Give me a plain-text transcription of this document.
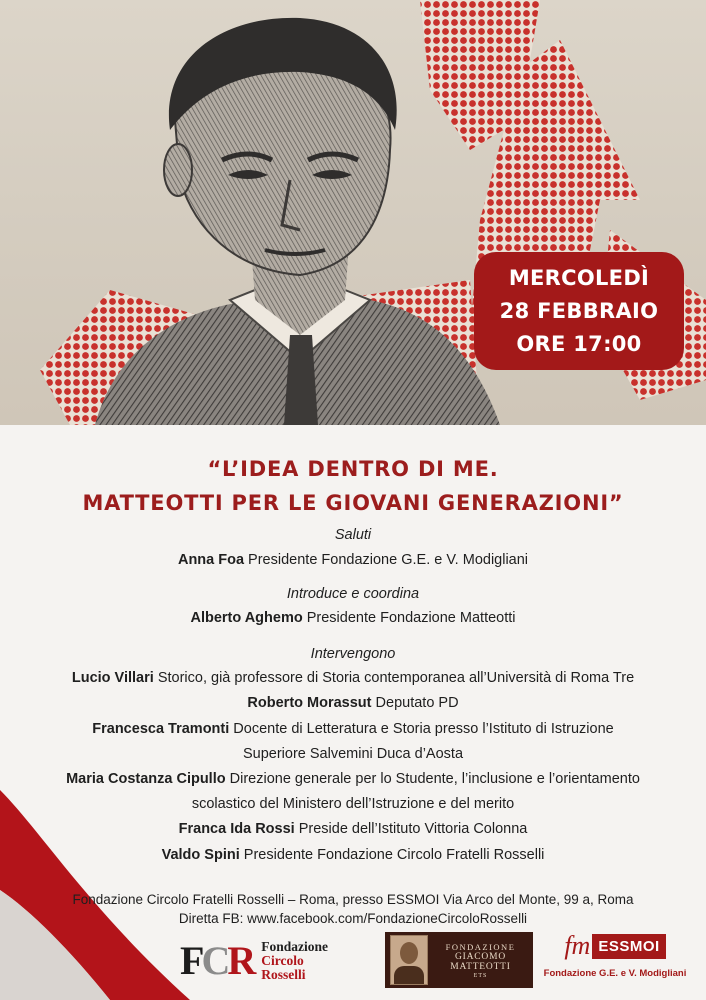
MERCOLEDÌ
28 FEBBRAIO
ORE 17:00
“L’IDEA DENTRO DI ME.
MATTEOTTI PER LE GIOVANI GENERAZIONI”
Saluti
Anna Foa Presidente Fondazione G.E. e V. Modigliani
Introduce e coordina
Alberto Aghemo Presidente Fondazione Matteotti
Intervengono
Lucio Villari Storico, già professore di Storia contemporanea all’Università di Roma Tre
Roberto Morassut Deputato PD
Francesca Tramonti Docente di Letteratura e Storia presso l’Istituto di Istruzione
Superiore Salvemini Duca d’Aosta
Maria Costanza Cipullo Direzione generale per lo Studente, l’inclusione e l’orientamento
scolastico del Ministero dell’Istruzione e del merito
Franca Ida Rossi Preside dell’Istituto Vittoria Colonna
Valdo Spini Presidente Fondazione Circolo Fratelli Rosselli
Fondazione Circolo Fratelli Rosselli – Roma, presso ESSMOI Via Arco del Monte, 99 a, Roma
Diretta FB: www.facebook.com/FondazioneCircoloRosselli
FCR Fondazione
Circolo
Rosselli
FONDAZIONE
GIACOMO MATTEOTTI
ETS
fm ESSMOI
Fondazione G.E. e V. Modigliani
